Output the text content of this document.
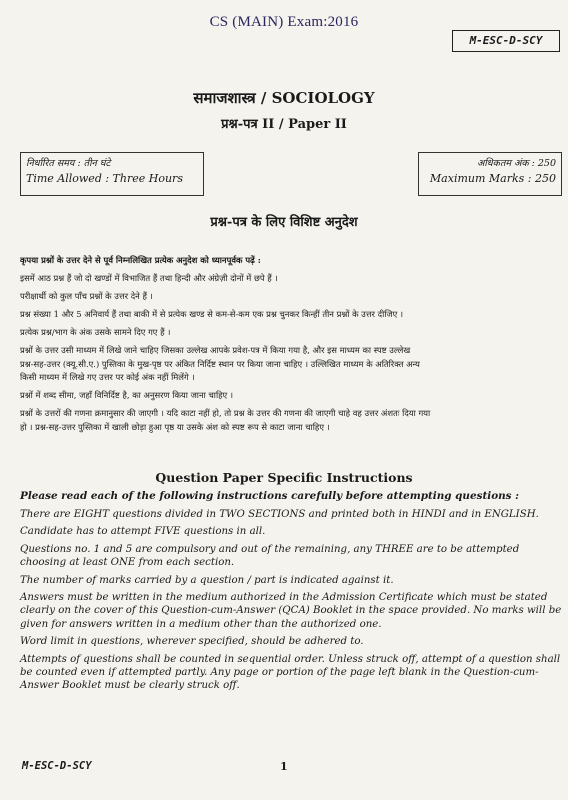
CS (MAIN) Exam:2016
M-ESC-D-SCY
समाजशास्त्र / SOCIOLOGY
प्रश्न-पत्र II / Paper II
निर्धारित समय : तीन घंटे
Time Allowed : Three Hours
अधिकतम अंक : 250
Maximum Marks : 250
प्रश्न-पत्र के लिए विशिष्ट अनुदेश

कृपया प्रश्नों के उत्तर देने से पूर्व निम्नलिखित प्रत्येक अनुदेश को ध्यानपूर्वक पढ़ें :

इसमें आठ प्रश्न हैं जो दो खण्डों में विभाजित हैं तथा हिन्दी और अंग्रेज़ी दोनों में छपे हैं ।

परीक्षार्थी को कुल पाँच प्रश्नों के उत्तर देने हैं ।

प्रश्न संख्या 1 और 5 अनिवार्य हैं तथा बाकी में से प्रत्येक खण्ड से कम-से-कम एक प्रश्न चुनकर किन्हीं तीन प्रश्नों के उत्तर दीजिए ।

प्रत्येक प्रश्न/भाग के अंक उसके सामने दिए गए हैं ।

प्रश्नों के उत्तर उसी माध्यम में लिखे जाने चाहिए जिसका उल्लेख आपके प्रवेश-पत्र में किया गया है, और इस माध्यम का स्पष्ट उल्लेख

प्रश्न-सह-उत्तर (क्यू.सी.ए.) पुस्तिका के मुख-पृष्ठ पर अंकित निर्दिष्ट स्थान पर किया जाना चाहिए । उल्लिखित माध्यम के अतिरिक्त अन्य

किसी माध्यम में लिखे गए उत्तर पर कोई अंक नहीं मिलेंगे ।

प्रश्नों में शब्द सीमा, जहाँ विनिर्दिष्ट है, का अनुसरण किया जाना चाहिए ।

प्रश्नों के उत्तरों की गणना क्रमानुसार की जाएगी । यदि काटा नहीं हो, तो प्रश्न के उत्तर की गणना की जाएगी चाहे वह उत्तर अंशतः दिया गया

हो । प्रश्न-सह-उत्तर पुस्तिका में खाली छोड़ा हुआ पृष्ठ या उसके अंश को स्पष्ट रूप से काटा जाना चाहिए ।

Question Paper Specific Instructions

Please read each of the following instructions carefully before attempting questions :

There are EIGHT questions divided in TWO SECTIONS and printed both in HINDI and in ENGLISH.

Candidate has to attempt FIVE questions in all.

Questions no. 1 and 5 are compulsory and out of the remaining, any THREE are to be attempted choosing at least ONE from each section.

The number of marks carried by a question / part is indicated against it.

Answers must be written in the medium authorized in the Admission Certificate which must be stated clearly on the cover of this Question-cum-Answer (QCA) Booklet in the space provided. No marks will be given for answers written in a medium other than the authorized one.

Word limit in questions, wherever specified, should be adhered to.

Attempts of questions shall be counted in sequential order. Unless struck off, attempt of a question shall be counted even if attempted partly. Any page or portion of the page left blank in the Question-cum-Answer Booklet must be clearly struck off.

M-ESC-D-SCY	1
